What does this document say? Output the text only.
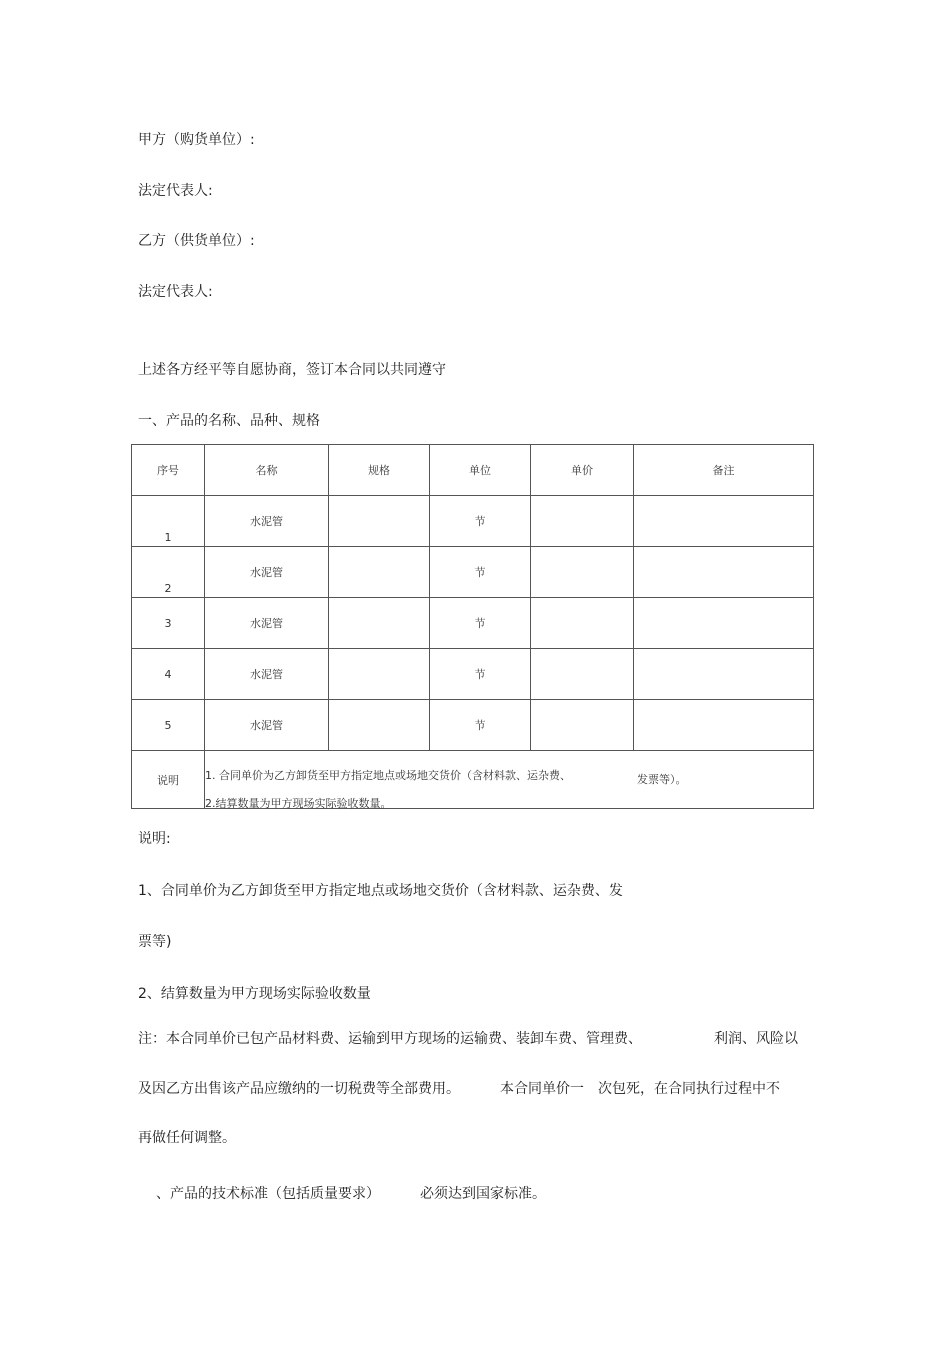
甲方（购货单位）:
法定代表人:
乙方（供货单位）:
法定代表人:
上述各方经平等自愿协商，签订本合同以共同遵守
一、产品的名称、品种、规格
序号	名称	规格	单位	单价	备注
1	水泥管		节		
2	水泥管		节		
3	水泥管		节		
4	水泥管		节		
5	水泥管		节		
说明	1. 合同单价为乙方卸货至甲方指定地点或场地交货价（含材料款、运杂费、 发票等）。
2.结算数量为甲方现场实际验收数量。				
说明:
1、合同单价为乙方卸货至甲方指定地点或场地交货价（含材料款、运杂费、发
票等)
2、结算数量为甲方现场实际验收数量
注：本合同单价已包产品材料费、运输到甲方现场的运输费、装卸车费、管理费、	利润、风险以
及因乙方出售该产品应缴纳的一切税费等全部费用。	本合同单价一 次包死，在合同执行过程中不
再做任何调整。
、产品的技术标准（包括质量要求）	必须达到国家标准。
